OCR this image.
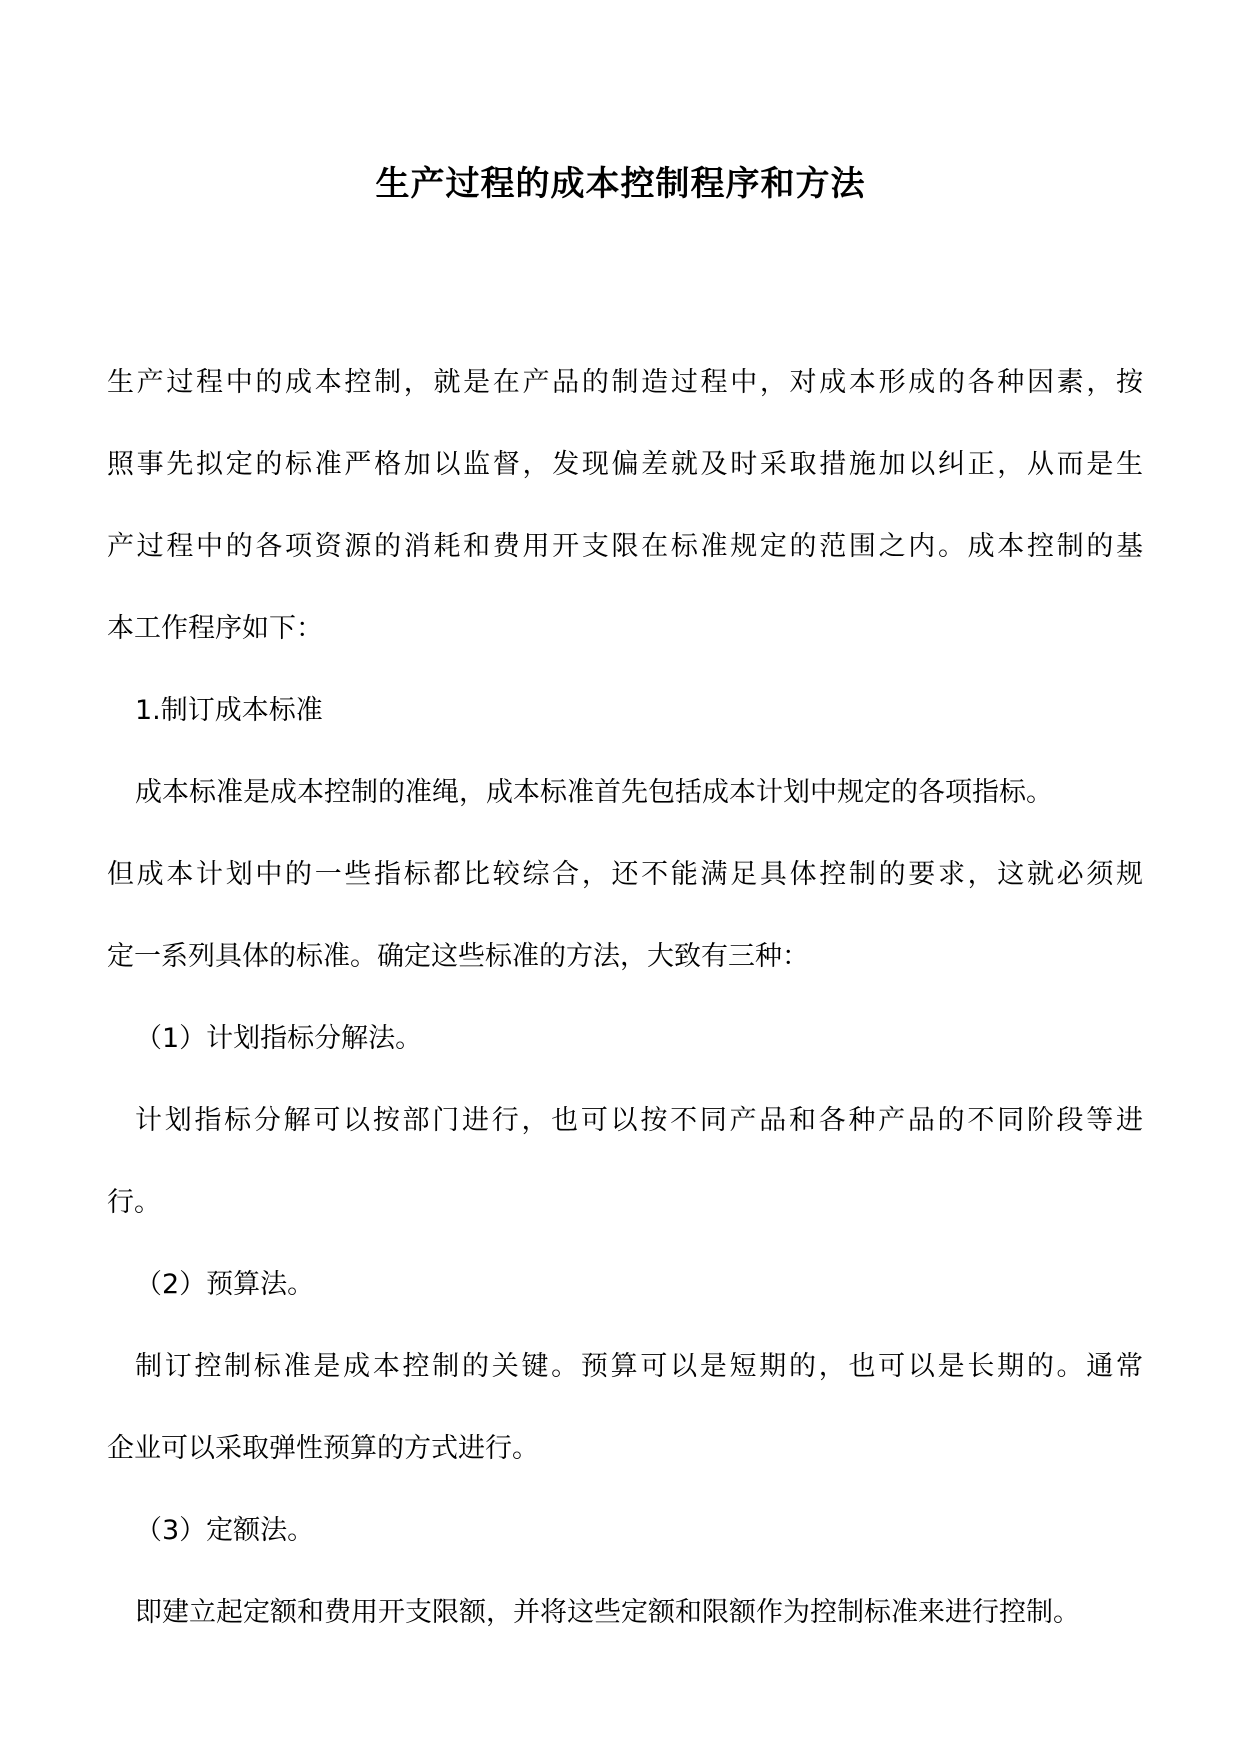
生产过程的成本控制程序和方法
生产过程中的成本控制，就是在产品的制造过程中，对成本形成的各种因素，按
照事先拟定的标准严格加以监督，发现偏差就及时采取措施加以纠正，从而是生
产过程中的各项资源的消耗和费用开支限在标准规定的范围之内。成本控制的基
本工作程序如下：
1.制订成本标准
成本标准是成本控制的准绳，成本标准首先包括成本计划中规定的各项指标。
但成本计划中的一些指标都比较综合，还不能满足具体控制的要求，这就必须规
定一系列具体的标准。确定这些标准的方法，大致有三种：
（1）计划指标分解法。
计划指标分解可以按部门进行，也可以按不同产品和各种产品的不同阶段等进
行。
（2）预算法。
制订控制标准是成本控制的关键。预算可以是短期的，也可以是长期的。通常
企业可以采取弹性预算的方式进行。
（3）定额法。
即建立起定额和费用开支限额，并将这些定额和限额作为控制标准来进行控制。
